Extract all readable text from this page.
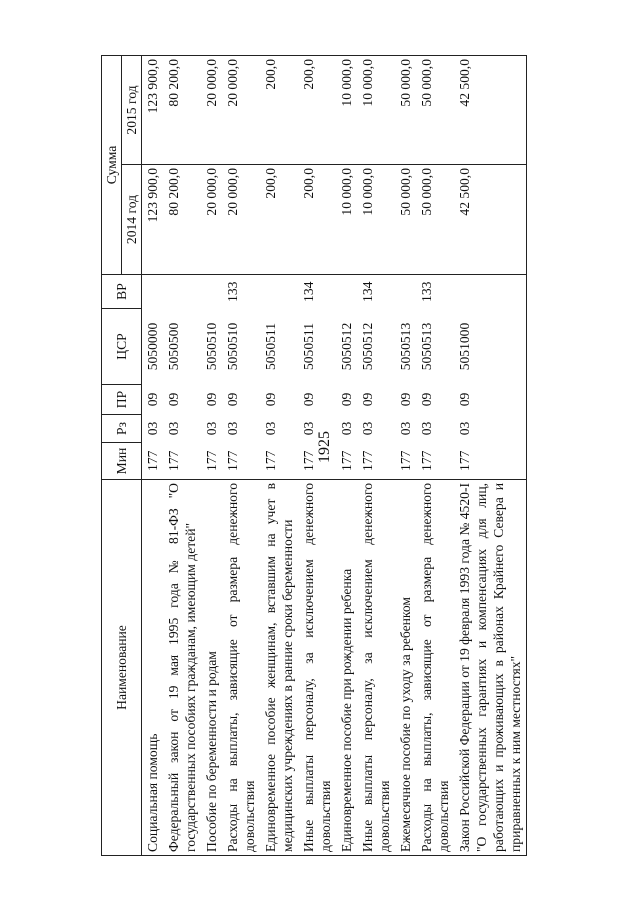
1925
Наименование	Мин	Рз	ПР	ЦСР	ВР	Сумма	
						2014 год	2015 год
Социальная помощь	177	03	09	5050000		123 900,0	123 900,0
Федеральный закон от 19 мая 1995 года № 81-ФЗ "О государственных пособиях гражданам, имеющим детей"	177	03	09	5050500		80 200,0	80 200,0
Пособие по беременности и родам	177	03	09	5050510		20 000,0	20 000,0
Расходы на выплаты, зависящие от размера денежного довольствия	177	03	09	5050510	133	20 000,0	20 000,0
Единовременное пособие женщинам, вставшим на учет в медицинских учреждениях в ранние сроки беременности	177	03	09	5050511		200,0	200,0
Иные выплаты персоналу, за исключением денежного довольствия	177	03	09	5050511	134	200,0	200,0
Единовременное пособие при рождении ребенка	177	03	09	5050512		10 000,0	10 000,0
Иные выплаты персоналу, за исключением денежного довольствия	177	03	09	5050512	134	10 000,0	10 000,0
Ежемесячное пособие по уходу за ребенком	177	03	09	5050513		50 000,0	50 000,0
Расходы на выплаты, зависящие от размера денежного довольствия	177	03	09	5050513	133	50 000,0	50 000,0
Закон Российской Федерации от 19 февраля 1993 года № 4520-I "О государственных гарантиях и компенсациях для лиц, работающих и проживающих в районах Крайнего Севера и приравненных к ним местностях"	177	03	09	5051000		42 500,0	42 500,0
